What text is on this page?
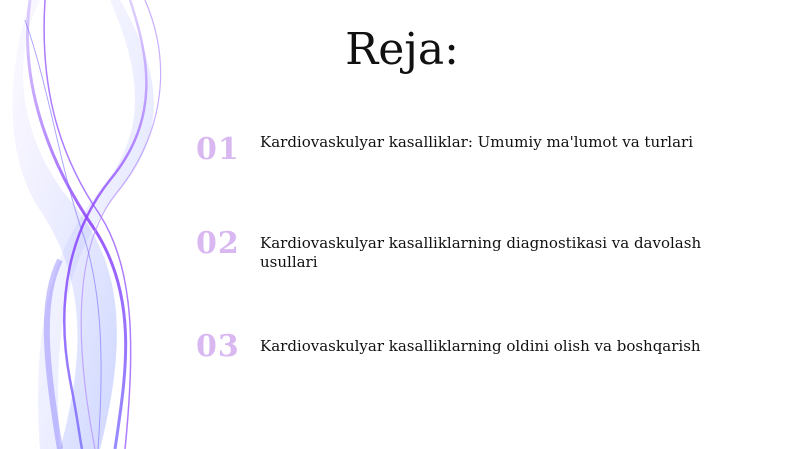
Reja:
01	Kardiovaskulyar kasalliklar: Umumiy ma'lumot va turlari
02	Kardiovaskulyar kasalliklarning diagnostikasi va davolash usullari
03	Kardiovaskulyar kasalliklarning oldini olish va boshqarish
